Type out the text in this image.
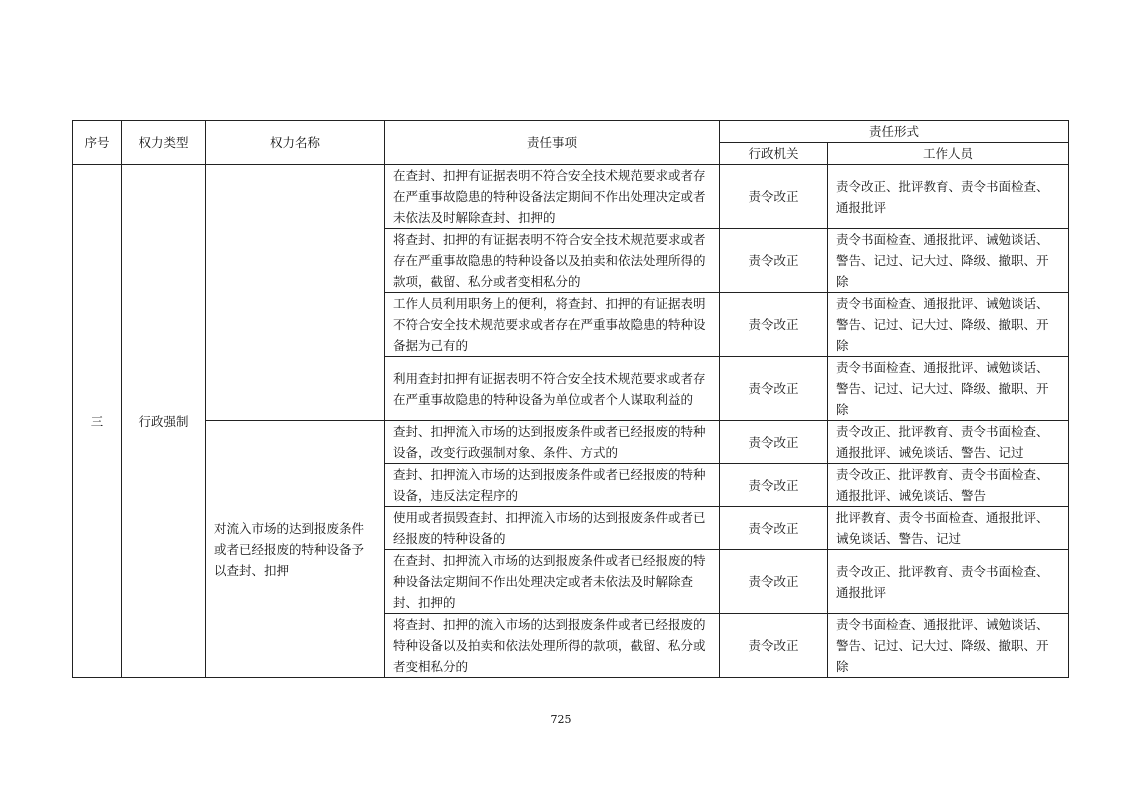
序号	权力类型	权力名称	责任事项	责任形式	
				行政机关	工作人员
三	行政强制		在查封、扣押有证据表明不符合安全技术规范要求或者存在严重事故隐患的特种设备法定期间不作出处理决定或者未依法及时解除查封、扣押的	责令改正	责令改正、批评教育、责令书面检查、通报批评
			将查封、扣押的有证据表明不符合安全技术规范要求或者存在严重事故隐患的特种设备以及拍卖和依法处理所得的款项，截留、私分或者变相私分的	责令改正	责令书面检查、通报批评、诫勉谈话、警告、记过、记大过、降级、撤职、开除
			工作人员利用职务上的便利，将查封、扣押的有证据表明不符合安全技术规范要求或者存在严重事故隐患的特种设备据为己有的	责令改正	责令书面检查、通报批评、诫勉谈话、警告、记过、记大过、降级、撤职、开除
			利用查封扣押有证据表明不符合安全技术规范要求或者存在严重事故隐患的特种设备为单位或者个人谋取利益的	责令改正	责令书面检查、通报批评、诫勉谈话、警告、记过、记大过、降级、撤职、开除
		对流入市场的达到报废条件或者已经报废的特种设备予以查封、扣押	查封、扣押流入市场的达到报废条件或者已经报废的特种设备，改变行政强制对象、条件、方式的	责令改正	责令改正、批评教育、责令书面检查、通报批评、诫免谈话、警告、记过
			查封、扣押流入市场的达到报废条件或者已经报废的特种设备，违反法定程序的	责令改正	责令改正、批评教育、责令书面检查、通报批评、诫免谈话、警告
			使用或者损毁查封、扣押流入市场的达到报废条件或者已经报废的特种设备的	责令改正	批评教育、责令书面检查、通报批评、诫免谈话、警告、记过
			在查封、扣押流入市场的达到报废条件或者已经报废的特种设备法定期间不作出处理决定或者未依法及时解除查封、扣押的	责令改正	责令改正、批评教育、责令书面检查、通报批评
			将查封、扣押的流入市场的达到报废条件或者已经报废的特种设备以及拍卖和依法处理所得的款项，截留、私分或者变相私分的	责令改正	责令书面检查、通报批评、诫勉谈话、警告、记过、记大过、降级、撤职、开除
725
